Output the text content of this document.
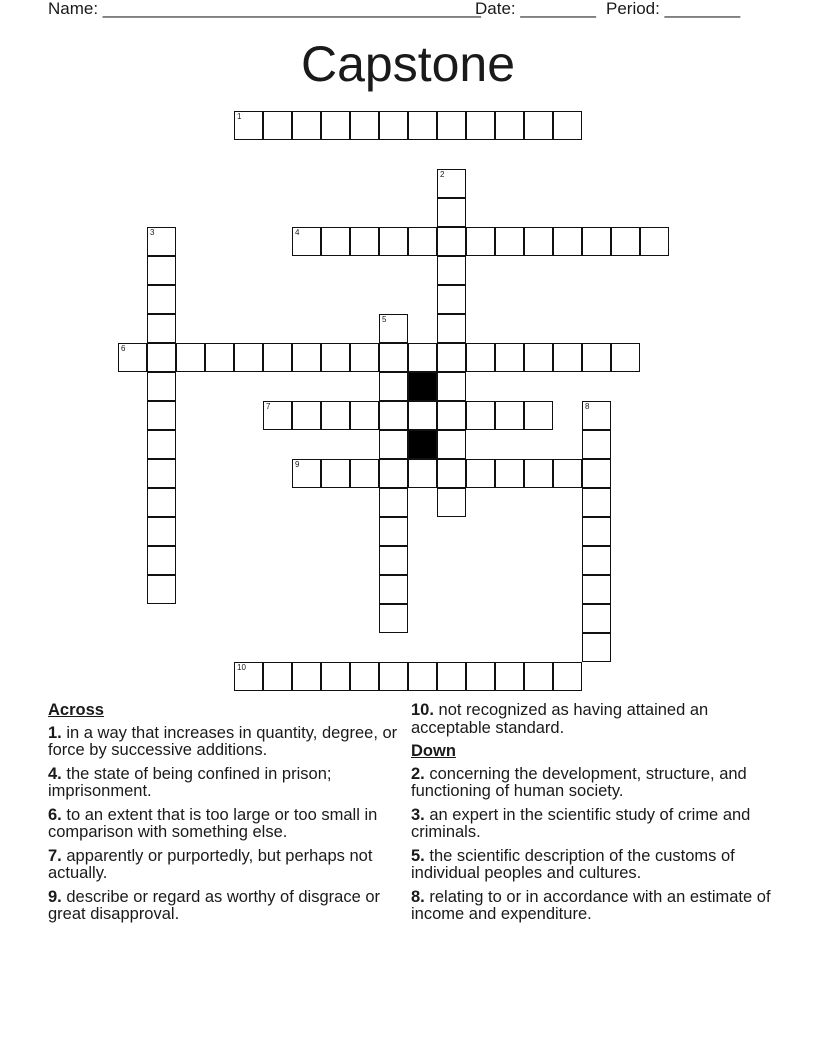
Name: ________________________________________
Date: ________ Period: ________
Capstone
1
2
3	4
5
6
7	8
9
10
Across
1. in a way that increases in quantity, degree, or force by successive additions.
4. the state of being confined in prison; imprisonment.
6. to an extent that is too large or too small in comparison with something else.
7. apparently or purportedly, but perhaps not actually.
9. describe or regard as worthy of disgrace or great disapproval.
10. not recognized as having attained an acceptable standard.
Down
2. concerning the development, structure, and functioning of human society.
3. an expert in the scientific study of crime and criminals.
5. the scientific description of the customs of individual peoples and cultures.
8. relating to or in accordance with an estimate of income and expenditure.
